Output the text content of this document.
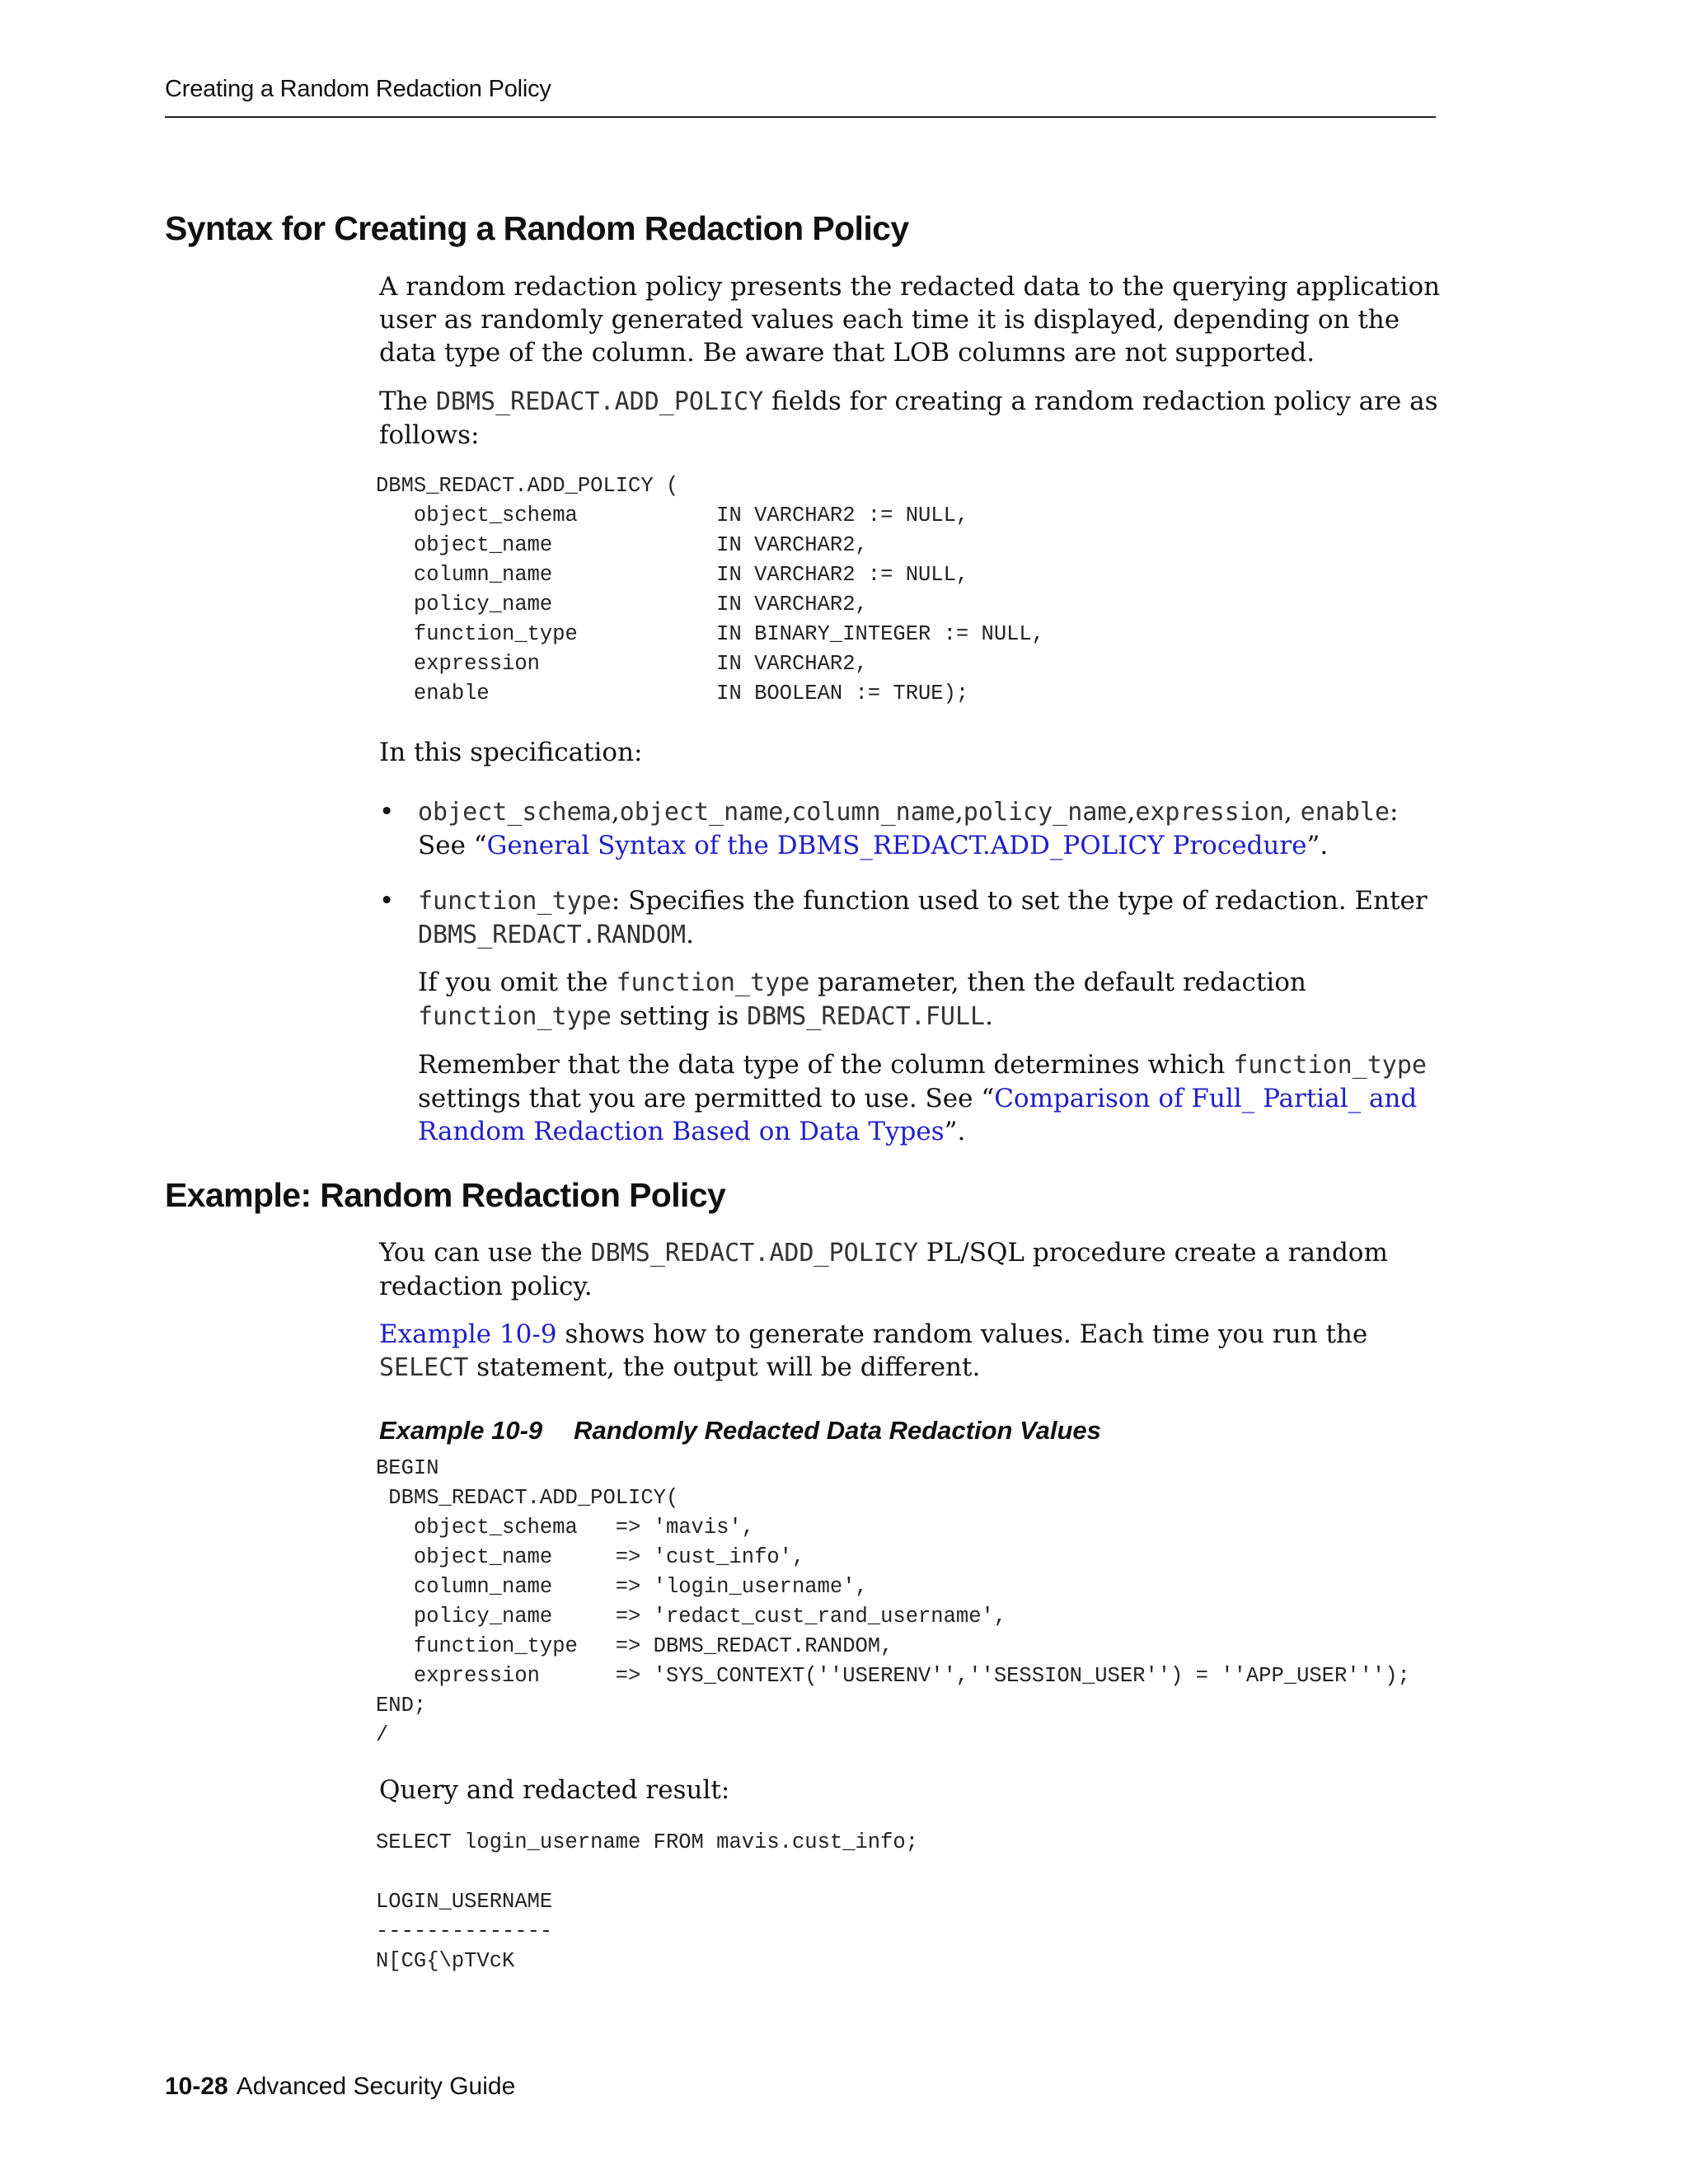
Creating a Random Redaction Policy
Syntax for Creating a Random Redaction Policy

A random redaction policy presents the redacted data to the querying application user as randomly generated values each time it is displayed, depending on the data type of the column. Be aware that LOB columns are not supported.

The DBMS_REDACT.ADD_POLICY fields for creating a random redaction policy are as follows:

DBMS_REDACT.ADD_POLICY (
object_schema           IN VARCHAR2 := NULL,
object_name             IN VARCHAR2,
column_name             IN VARCHAR2 := NULL,
policy_name             IN VARCHAR2,
function_type           IN BINARY_INTEGER := NULL,
expression              IN VARCHAR2,
enable                  IN BOOLEAN := TRUE);

In this specification:

• object_schema,object_name,column_name,policy_name,expression, enable: See “General Syntax of the DBMS_REDACT.ADD_POLICY Procedure”.

• function_type: Specifies the function used to set the type of redaction. Enter DBMS_REDACT.RANDOM.

If you omit the function_type parameter, then the default redaction function_type setting is DBMS_REDACT.FULL.

Remember that the data type of the column determines which function_type settings that you are permitted to use. See “Comparison of Full_ Partial_ and Random Redaction Based on Data Types”.

Example: Random Redaction Policy

You can use the DBMS_REDACT.ADD_POLICY PL/SQL procedure create a random redaction policy.

Example 10-9 shows how to generate random values. Each time you run the SELECT statement, the output will be different.

Example 10-9 Randomly Redacted Data Redaction Values
BEGIN
DBMS_REDACT.ADD_POLICY(
object_schema   => 'mavis',
object_name     => 'cust_info',
column_name     => 'login_username',
policy_name     => 'redact_cust_rand_username',
function_type   => DBMS_REDACT.RANDOM,
expression      => 'SYS_CONTEXT(''USERENV'',''SESSION_USER'') = ''APP_USER''');
END;
/

Query and redacted result:

SELECT login_username FROM mavis.cust_info;

LOGIN_USERNAME
--------------
N[CG{\pTVcK
10-28 Advanced Security Guide
